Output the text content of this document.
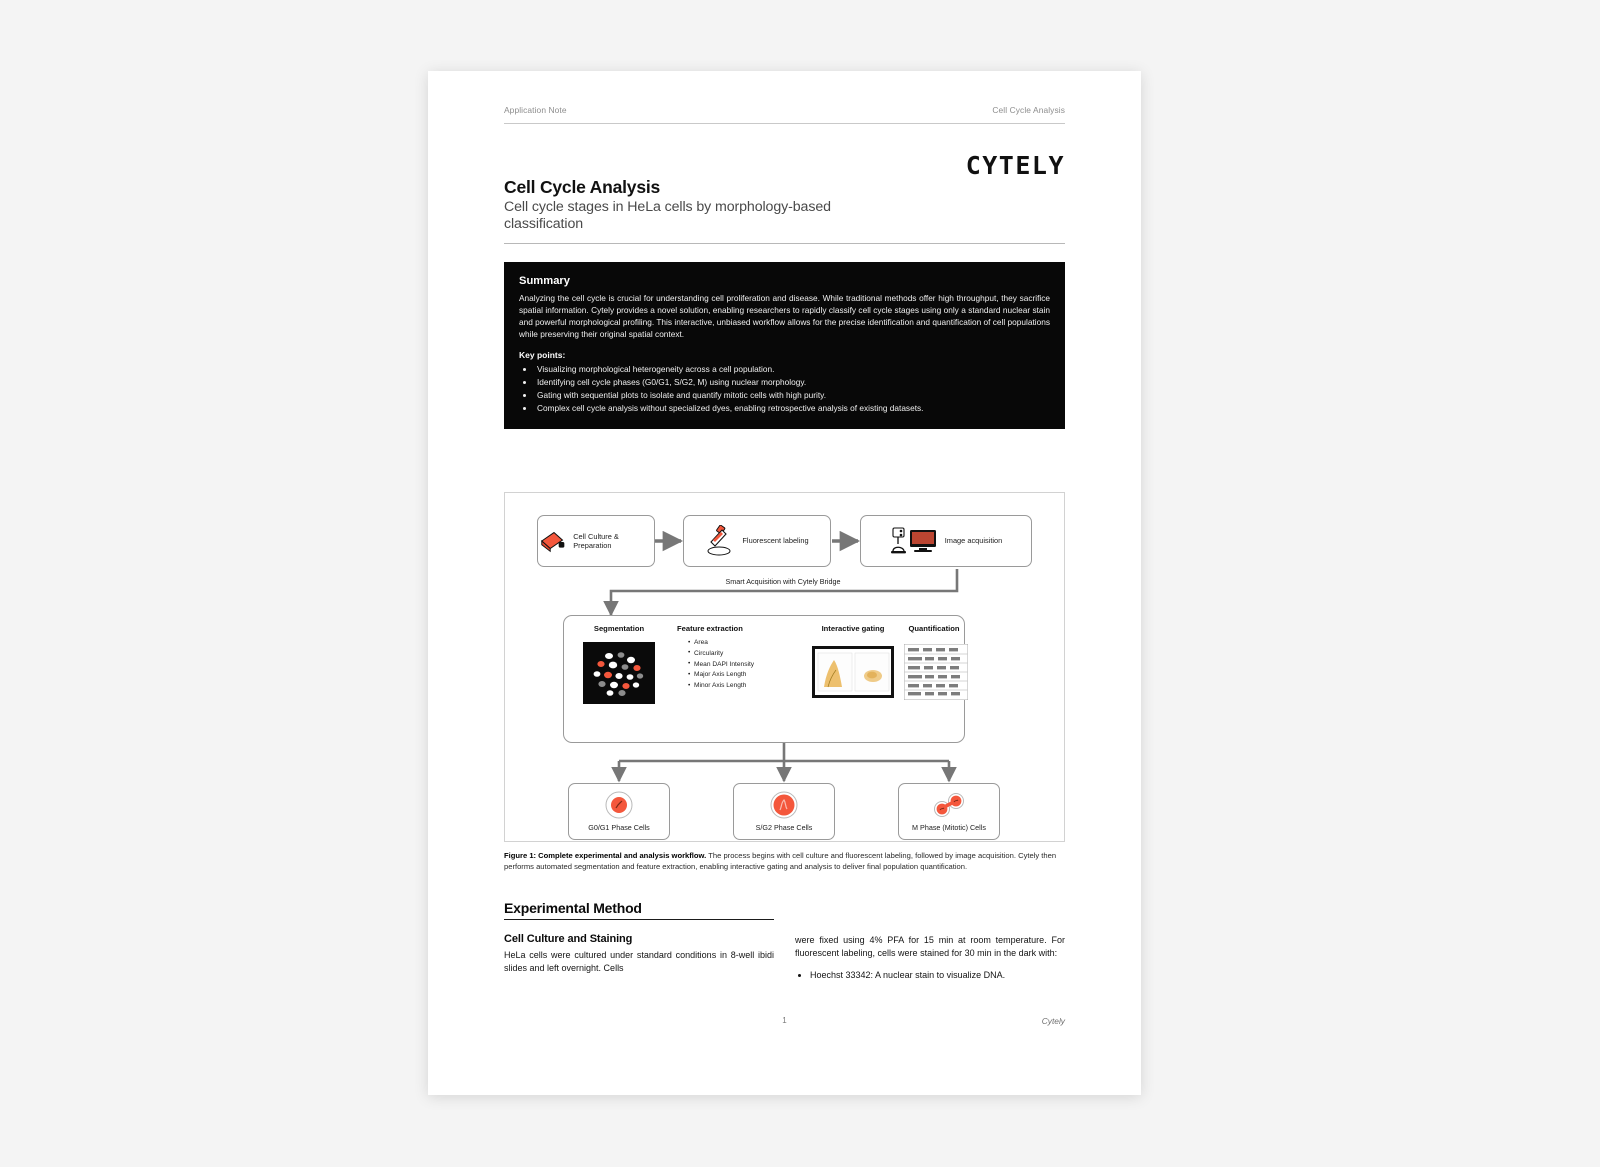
Application Note	Cell Cycle Analysis
CYTELY
Cell Cycle Analysis
Cell cycle stages in HeLa cells by morphology-based classification
Summary

Analyzing the cell cycle is crucial for understanding cell proliferation and disease. While traditional methods offer high throughput, they sacrifice spatial information. Cytely provides a novel solution, enabling researchers to rapidly classify cell cycle stages using only a standard nuclear stain and powerful morphological profiling. This interactive, unbiased workflow allows for the precise identification and quantification of cell populations while preserving their original spatial context.

Key points:
• Visualizing morphological heterogeneity across a cell population.
• Identifying cell cycle phases (G0/G1, S/G2, M) using nuclear morphology.
• Gating with sequential plots to isolate and quantify mitotic cells with high purity.
• Complex cell cycle analysis without specialized dyes, enabling retrospective analysis of existing datasets.
Cell Culture & Preparation
Fluorescent labeling	Image acquisition
Smart Acquisition with Cytely Bridge
Segmentation	Feature extraction
• Area
• Circularity
• Mean DAPI Intensity
• Major Axis Length
• Minor Axis Length
Interactive gating	Quantification
G0/G1 Phase Cells	S/G2 Phase Cells	M Phase (Mitotic) Cells
Figure 1: Complete experimental and analysis workflow. The process begins with cell culture and fluorescent labeling, followed by image acquisition. Cytely then performs automated segmentation and feature extraction, enabling interactive gating and analysis to deliver final population quantification.
Experimental Method
Cell Culture and Staining

HeLa cells were cultured under standard conditions in 8-well ibidi slides and left overnight. Cells

were fixed using 4% PFA for 15 min at room temperature. For fluorescent labeling, cells were stained for 30 min in the dark with:

• Hoechst 33342: A nuclear stain to visualize DNA.
1	Cytely
